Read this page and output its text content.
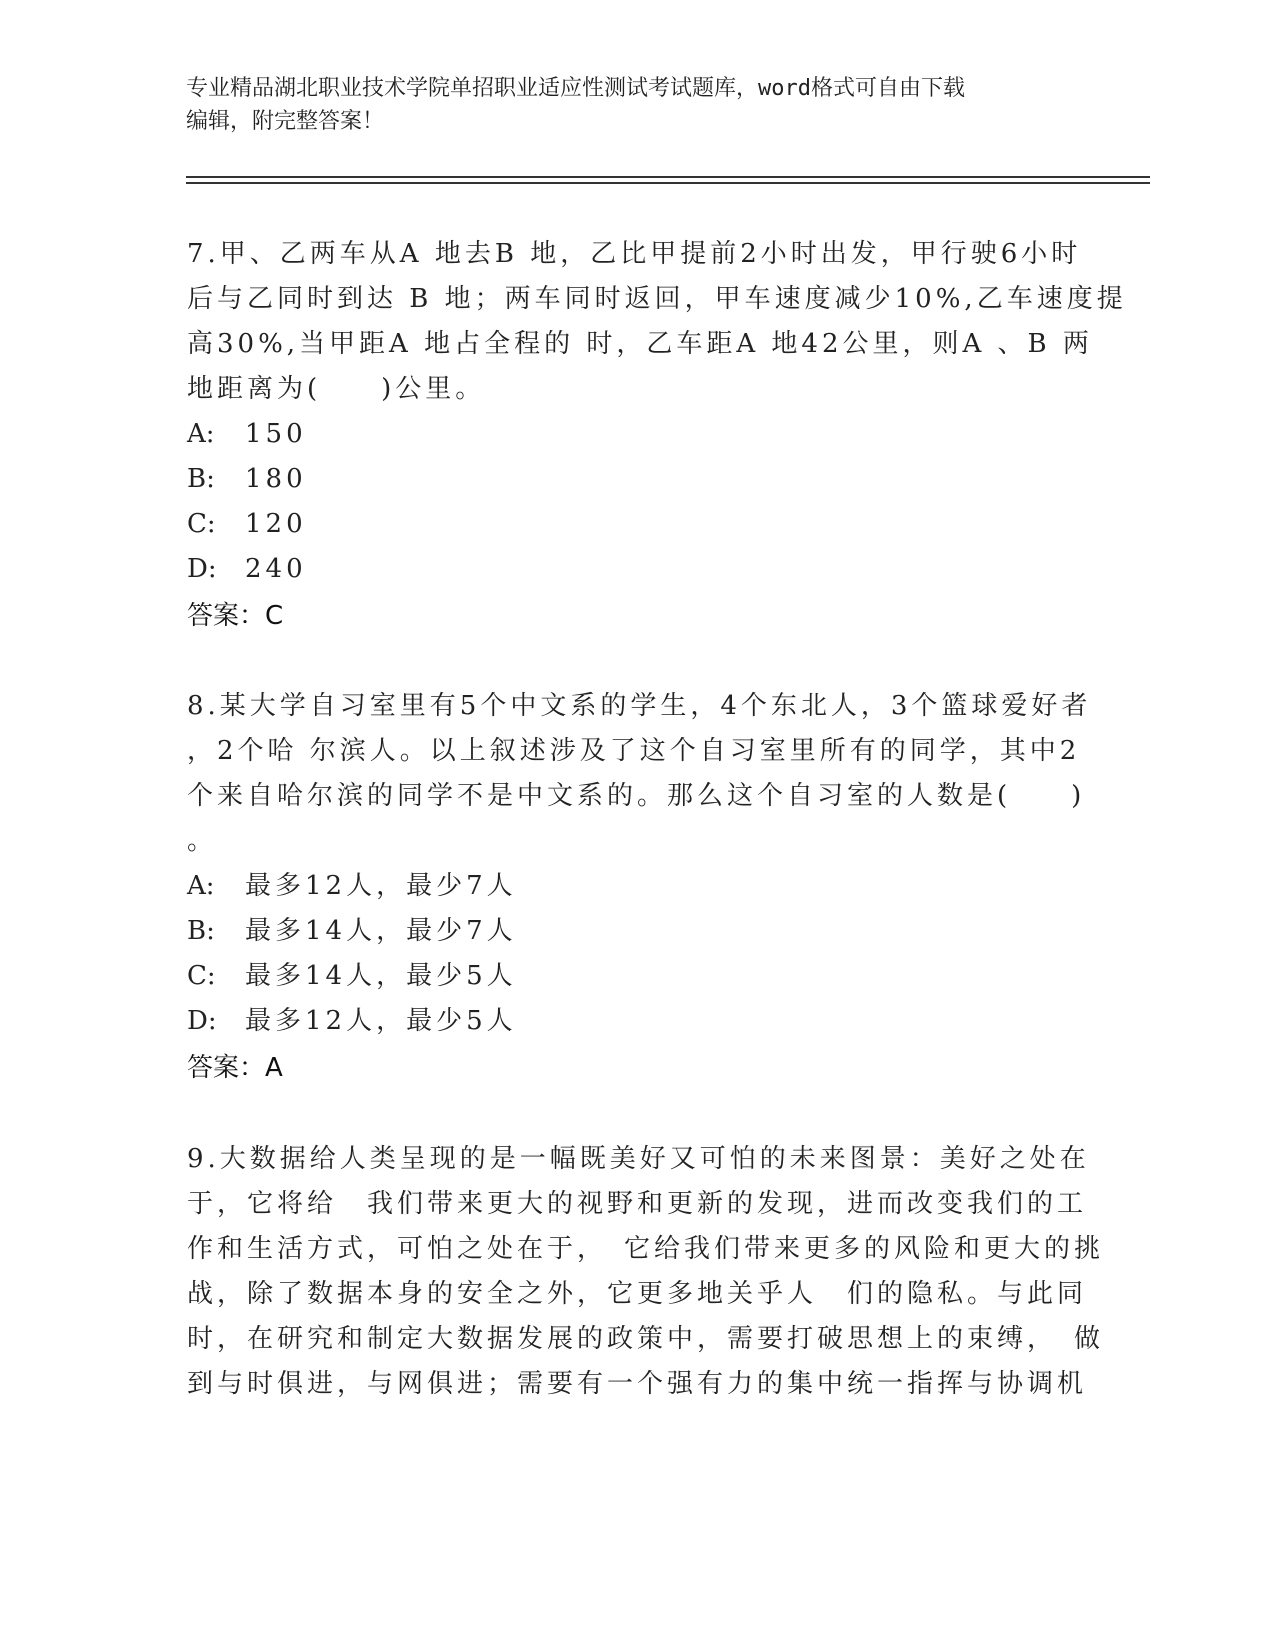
专业精品湖北职业技术学院单招职业适应性测试考试题库，word格式可自由下载
编辑，附完整答案！
7.甲、乙两车从A 地去B 地，乙比甲提前2小时出发，甲行驶6小时
后与乙同时到达 B 地；两车同时返回，甲车速度减少10%,乙车速度提
高30%,当甲距A 地占全程的 时，乙车距A 地42公里，则A 、B 两
地距离为(　　)公里。
A: 150
B: 180
C: 120
D: 240
答案：C
8.某大学自习室里有5个中文系的学生，4个东北人，3个篮球爱好者
，2个哈 尔滨人。以上叙述涉及了这个自习室里所有的同学，其中2
个来自哈尔滨的同学不是中文系的。那么这个自习室的人数是(　　)
。
A: 最多12人，最少7人
B: 最多14人，最少7人
C: 最多14人，最少5人
D: 最多12人，最少5人
答案：A
9.大数据给人类呈现的是一幅既美好又可怕的未来图景：美好之处在
于，它将给　我们带来更大的视野和更新的发现，进而改变我们的工
作和生活方式，可怕之处在于，　它给我们带来更多的风险和更大的挑
战，除了数据本身的安全之外，它更多地关乎人　们的隐私。与此同
时，在研究和制定大数据发展的政策中，需要打破思想上的束缚，　做
到与时俱进，与网俱进；需要有一个强有力的集中统一指挥与协调机
